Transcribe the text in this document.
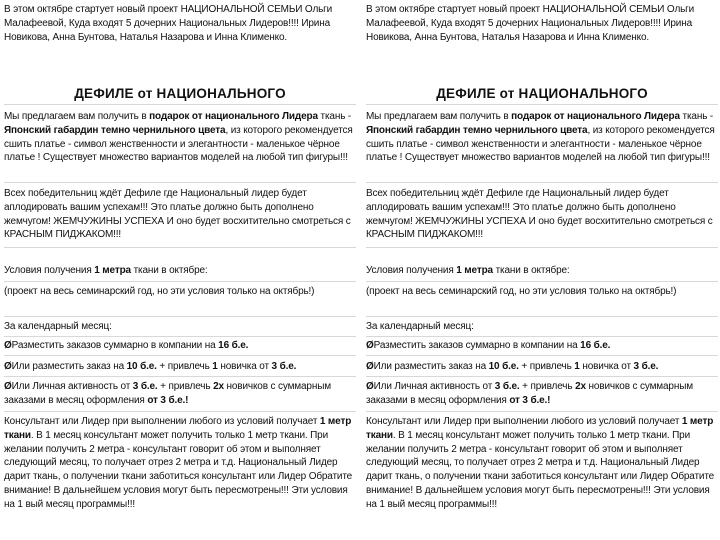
В этом октябре стартует новый проект НАЦИОНАЛЬНОЙ СЕМЬИ Ольги Малафеевой, Куда входят 5 дочерних Национальных Лидеров!!!! Ирина Новикова, Анна Бунтова, Наталья Назарова и Инна Клименко.
ДЕФИЛЕ от НАЦИОНАЛЬНОГО
Мы предлагаем вам получить в подарок от национального Лидера ткань - Японский габардин темно чернильного цвета, из которого рекомендуется сшить платье - символ женственности и элегантности - маленькое чёрное платье ! Существует множество вариантов моделей на любой тип фигуры!!!
Всех победительниц ждёт Дефиле где Национальный лидер будет аплодировать вашим успехам!!! Это платье должно быть дополнено жемчугом! ЖЕМЧУЖИНЫ УСПЕХА И оно будет восхитительно смотреться с КРАСНЫМ ПИДЖАКОМ!!!
Условия получения 1 метра ткани в октябре:
(проект на весь семинарский год, но эти условия только на октябрь!)
За календарный месяц:
ØРазместить заказов суммарно в компании на 16 б.е.
ØИли разместить заказ на 10 б.е. + привлечь 1 новичка от 3 б.е.
ØИли Личная активность от 3 б.е. + привлечь 2х новичков с суммарным заказами в месяц оформления от 3 б.е.!
Консультант или Лидер при выполнении любого из условий получает 1 метр ткани. В 1 месяц консультант может получить только 1 метр ткани. При желании получить 2 метра - консультант говорит об этом и выполняет следующий месяц, то получает отрез 2 метра и т.д. Национальный Лидер дарит ткань, о получении ткани заботиться консультант или Лидер Обратите внимание! В дальнейшем условия могут быть пересмотрены!!! Эти условия на 1 вый месяц программы!!!
В этом октябре стартует новый проект НАЦИОНАЛЬНОЙ СЕМЬИ Ольги Малафеевой, Куда входят 5 дочерних Национальных Лидеров!!!! Ирина Новикова, Анна Бунтова, Наталья Назарова и Инна Клименко.
ДЕФИЛЕ от НАЦИОНАЛЬНОГО
Мы предлагаем вам получить в подарок от национального Лидера ткань - Японский габардин темно чернильного цвета, из которого рекомендуется сшить платье - символ женственности и элегантности - маленькое чёрное платье ! Существует множество вариантов моделей на любой тип фигуры!!!
Всех победительниц ждёт Дефиле где Национальный лидер будет аплодировать вашим успехам!!! Это платье должно быть дополнено жемчугом! ЖЕМЧУЖИНЫ УСПЕХА И оно будет восхитительно смотреться с КРАСНЫМ ПИДЖАКОМ!!!
Условия получения 1 метра ткани в октябре:
(проект на весь семинарский год, но эти условия только на октябрь!)
За календарный месяц:
ØРазместить заказов суммарно в компании на 16 б.е.
ØИли разместить заказ на 10 б.е. + привлечь 1 новичка от 3 б.е.
ØИли Личная активность от 3 б.е. + привлечь 2х новичков с суммарным заказами в месяц оформления от 3 б.е.!
Консультант или Лидер при выполнении любого из условий получает 1 метр ткани. В 1 месяц консультант может получить только 1 метр ткани. При желании получить 2 метра - консультант говорит об этом и выполняет следующий месяц, то получает отрез 2 метра и т.д. Национальный Лидер дарит ткань, о получении ткани заботиться консультант или Лидер Обратите внимание! В дальнейшем условия могут быть пересмотрены!!! Эти условия на 1 вый месяц программы!!!
